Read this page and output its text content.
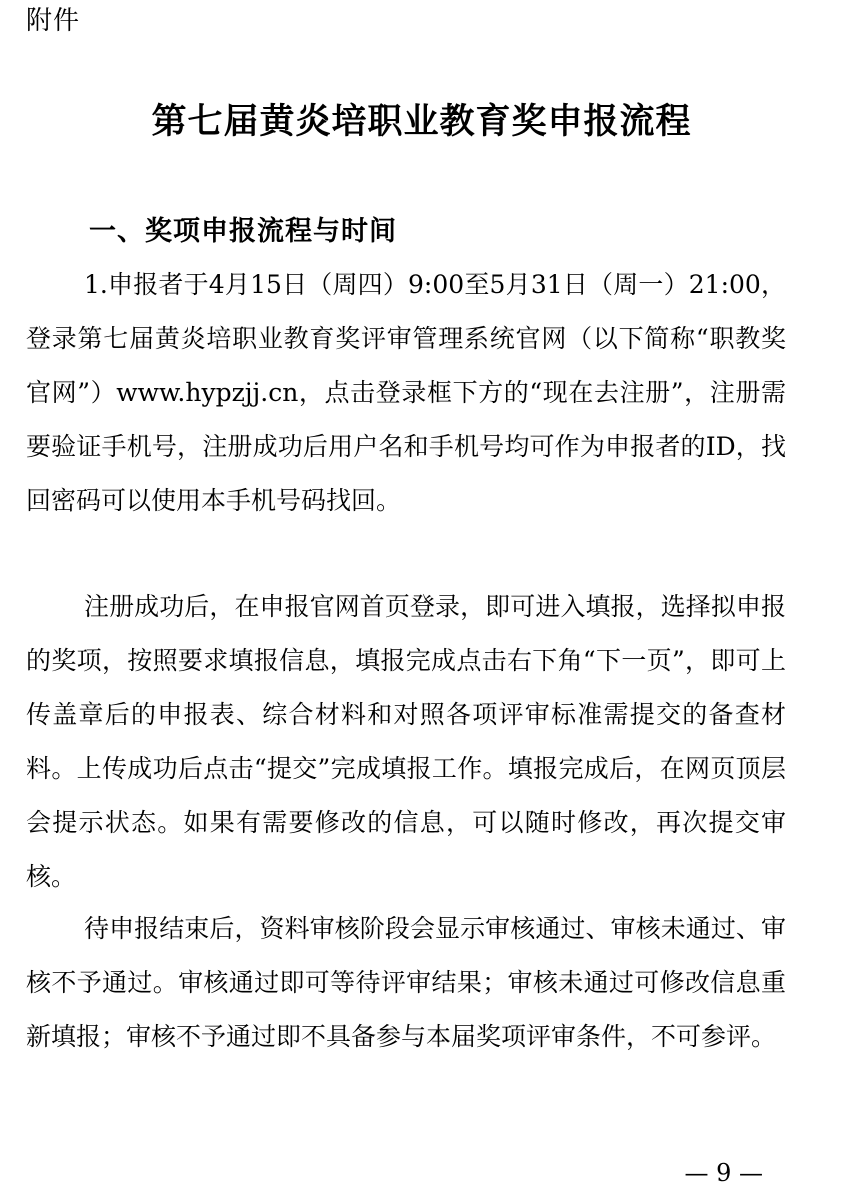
附件
第七届黄炎培职业教育奖申报流程
一、奖项申报流程与时间

1.申报者于4月15日（周四）9:00至5月31日（周一）21:00，登录第七届黄炎培职业教育奖评审管理系统官网（以下简称“职教奖官网”）www.hypzjj.cn，点击登录框下方的“现在去注册”，注册需要验证手机号，注册成功后用户名和手机号均可作为申报者的ID，找回密码可以使用本手机号码找回。

注册成功后，在申报官网首页登录，即可进入填报，选择拟申报的奖项，按照要求填报信息，填报完成点击右下角“下一页”，即可上传盖章后的申报表、综合材料和对照各项评审标准需提交的备查材料。上传成功后点击“提交”完成填报工作。填报完成后，在网页顶层会提示状态。如果有需要修改的信息，可以随时修改，再次提交审核。

待申报结束后，资料审核阶段会显示审核通过、审核未通过、审核不予通过。审核通过即可等待评审结果；审核未通过可修改信息重新填报；审核不予通过即不具备参与本届奖项评审条件，不可参评。

— 9 —
